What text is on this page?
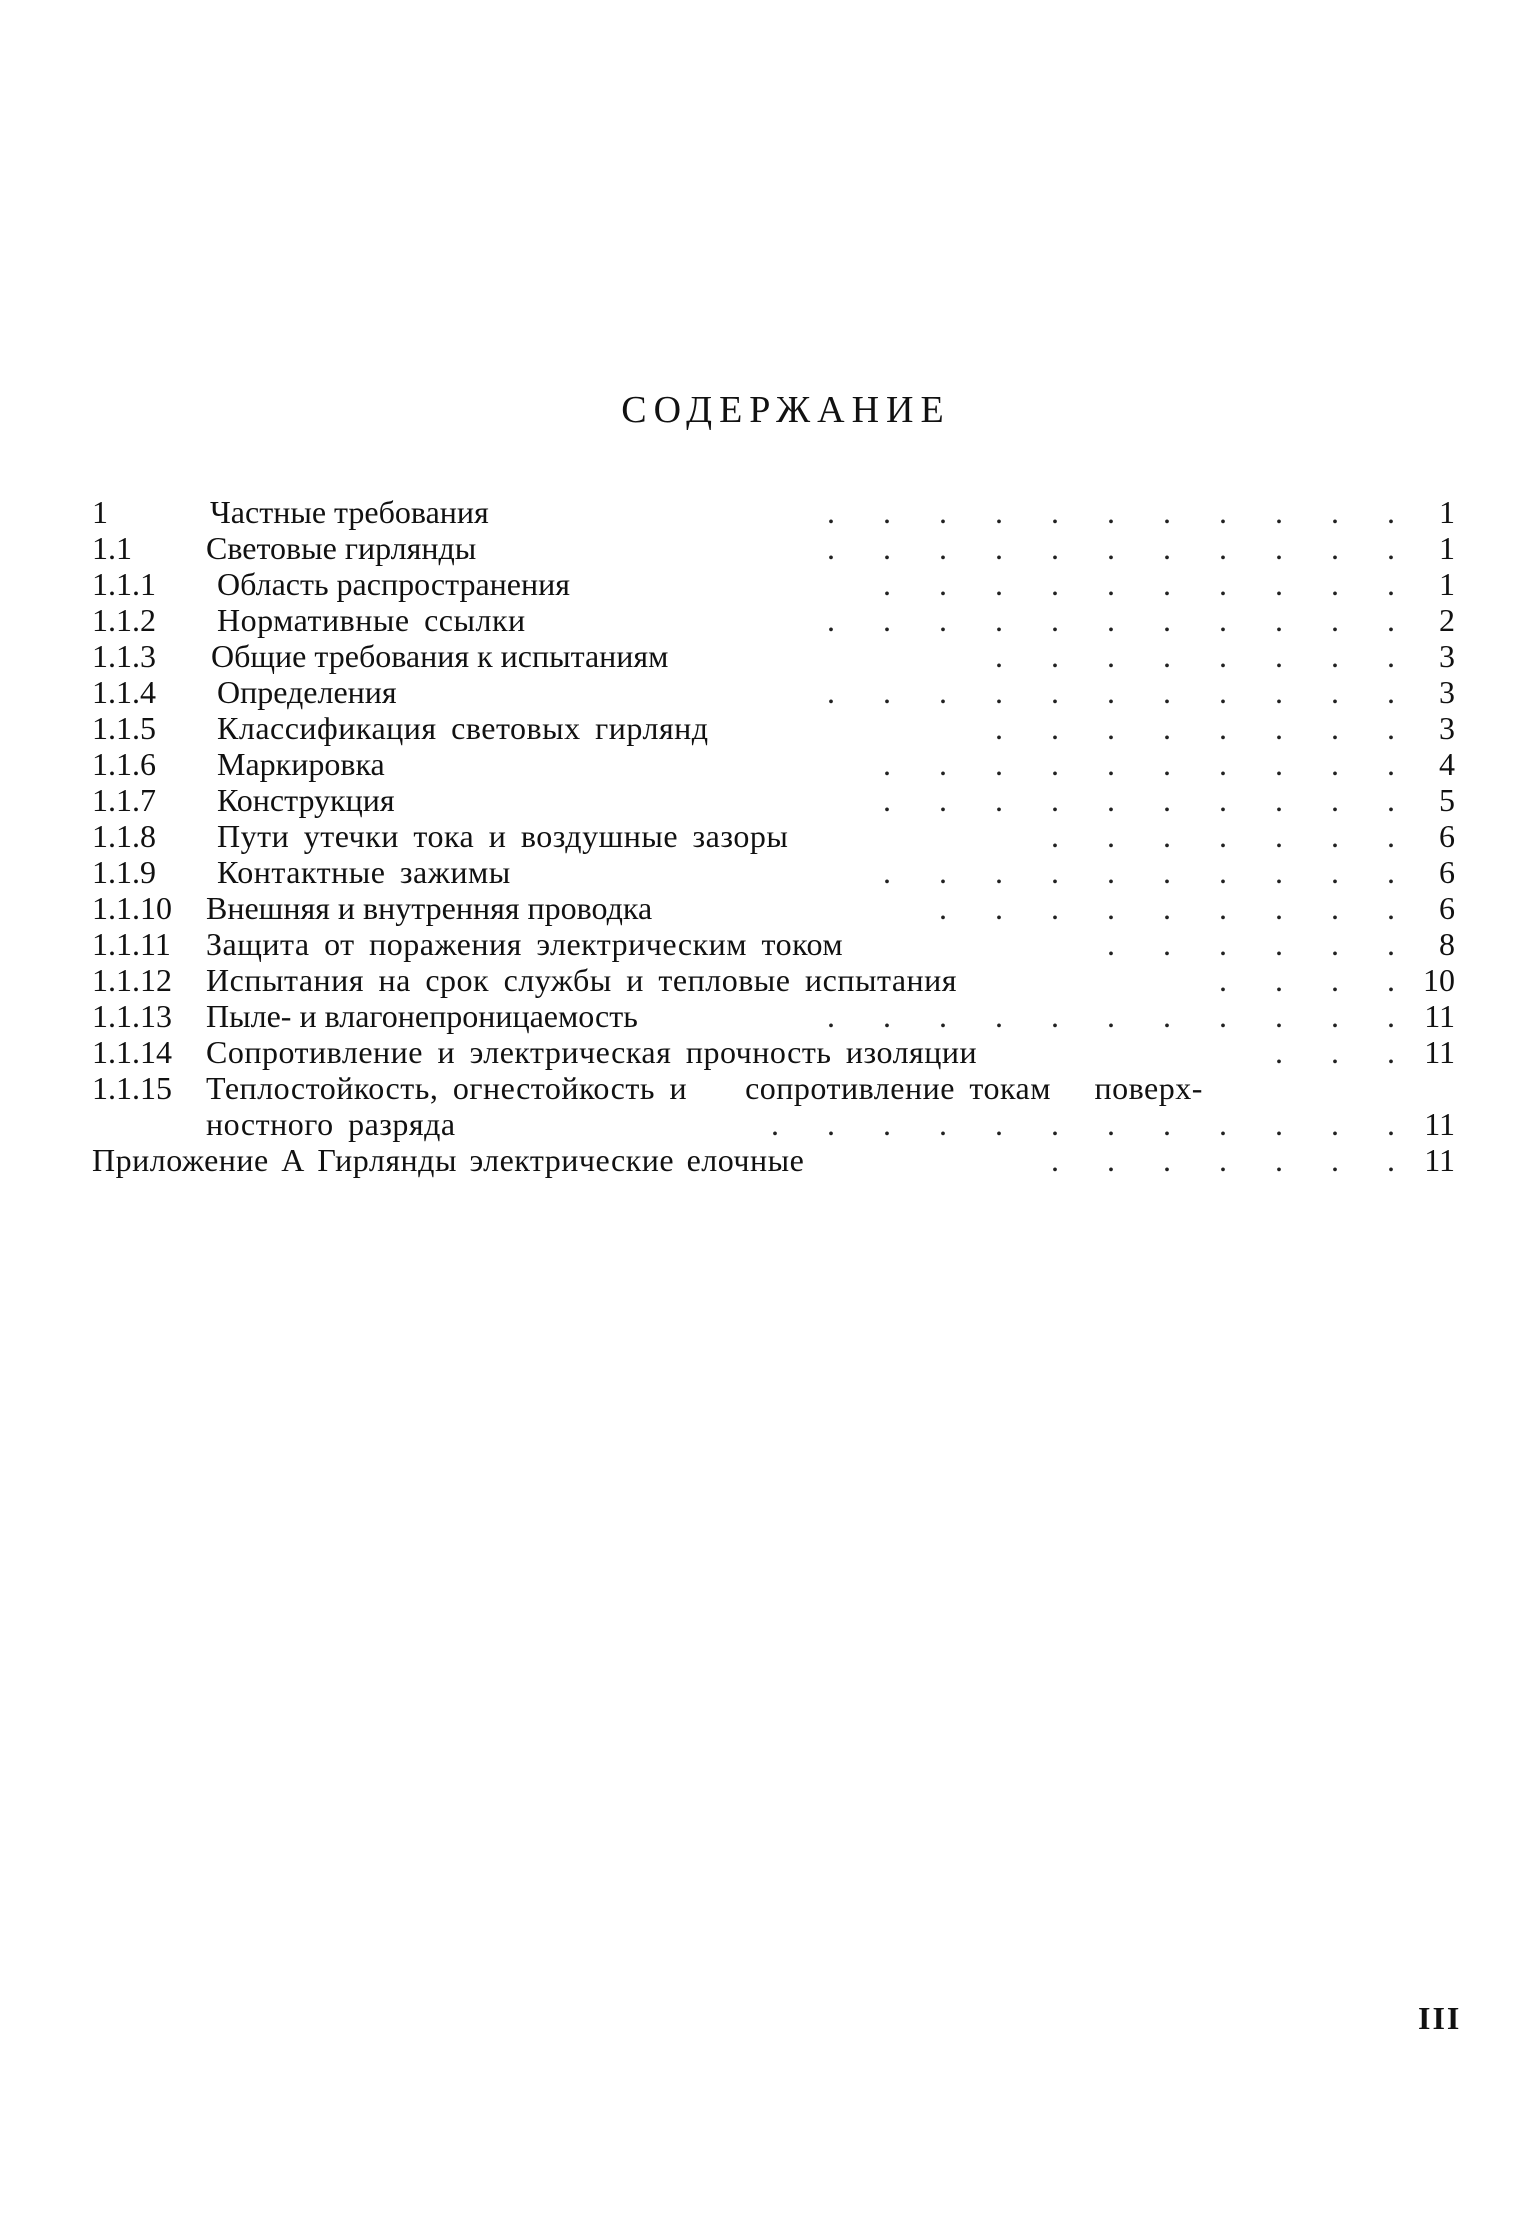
СОДЕРЖАНИЕ
1	Частные требования	.      .      .      .      .      .      .      .      .      .      . 1
1.1 Световые гирлянды	.      .      .      .      .      .      .      .      .      .      . 1
1.1.1 Область распространения	.      .      .      .      .      .      .      .      .      . 1
1.1.2 Нормативные ссылки	.      .      .      .      .      .      .      .      .      .      . 2
1.1.3 Общие требования к испытаниям	.      .      .      .      .      .      .      . 3
1.1.4 Определения	.      .      .      .      .      .      .      .      .      .      . 3
1.1.5 Классификация световых гирлянд	.      .      .      .      .      .      .      . 3
1.1.6 Маркировка	.      .      .      .      .      .      .      .      .      . 4
1.1.7 Конструкция	.      .      .      .      .      .      .      .      .      . 5
1.1.8 Пути утечки тока и воздушные зазоры	.      .      .      .      .      .      . 6
1.1.9 Контактные зажимы	.      .      .      .      .      .      .      .      .      . 6
1.1.10 Внешняя и внутренняя проводка	.      .      .      .      .      .      .      .      . 6
1.1.11 Защита от поражения электрическим током	.      .      .      .      .      . 8
1.1.12 Испытания на срок службы и тепловые испытания	.      .      .      . 10
1.1.13 Пыле- и влагонепроницаемость	.      .      .      .      .      .      .      .      .      .      . 11
1.1.14 Сопротивление и электрическая прочность изоляции	.      .      . 11
1.1.15 Теплостойкость, огнестойкость и    сопротивление токам   поверх-
ностного разряда	.      .      .      .      .      .      .      .      .      .      .      . 11
Приложение А Гирлянды электрические елочные	.      .      .      .      .      .      . 11
III
